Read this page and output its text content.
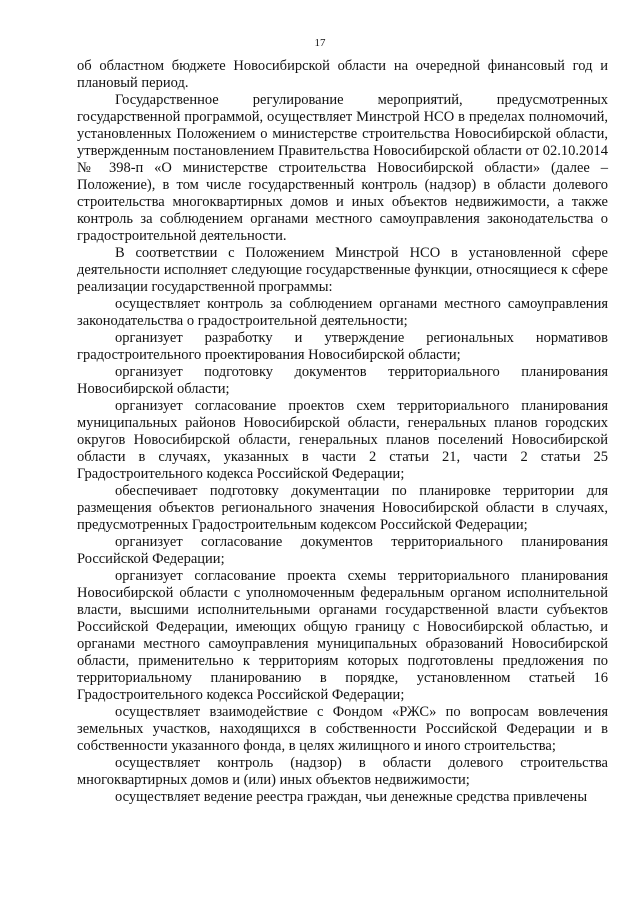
17

об областном бюджете Новосибирской области на очередной финансовый год и плановый период.

Государственное регулирование мероприятий, предусмотренных государственной программой, осуществляет Минстрой НСО в пределах полномочий, установленных Положением о министерстве строительства Новосибирской области, утвержденным постановлением Правительства Новосибирской области от 02.10.2014 № 398-п «О министерстве строительства Новосибирской области» (далее – Положение), в том числе государственный контроль (надзор) в области долевого строительства многоквартирных домов и иных объектов недвижимости, а также контроль за соблюдением органами местного самоуправления законодательства о градостроительной деятельности.

В соответствии с Положением Минстрой НСО в установленной сфере деятельности исполняет следующие государственные функции, относящиеся к сфере реализации государственной программы:

осуществляет контроль за соблюдением органами местного самоуправления законодательства о градостроительной деятельности;

организует разработку и утверждение региональных нормативов градостроительного проектирования Новосибирской области;

организует подготовку документов территориального планирования Новосибирской области;

организует согласование проектов схем территориального планирования муниципальных районов Новосибирской области, генеральных планов городских округов Новосибирской области, генеральных планов поселений Новосибирской области в случаях, указанных в части 2 статьи 21, части 2 статьи 25 Градостроительного кодекса Российской Федерации;

обеспечивает подготовку документации по планировке территории для размещения объектов регионального значения Новосибирской области в случаях, предусмотренных Градостроительным кодексом Российской Федерации;

организует согласование документов территориального планирования Российской Федерации;

организует согласование проекта схемы территориального планирования Новосибирской области с уполномоченным федеральным органом исполнительной власти, высшими исполнительными органами государственной власти субъектов Российской Федерации, имеющих общую границу с Новосибирской областью, и органами местного самоуправления муниципальных образований Новосибирской области, применительно к территориям которых подготовлены предложения по территориальному планированию в порядке, установленном статьей 16 Градостроительного кодекса Российской Федерации;

осуществляет взаимодействие с Фондом «РЖС» по вопросам вовлечения земельных участков, находящихся в собственности Российской Федерации и в собственности указанного фонда, в целях жилищного и иного строительства;

осуществляет контроль (надзор) в области долевого строительства многоквартирных домов и (или) иных объектов недвижимости;

осуществляет ведение реестра граждан, чьи денежные средства привлечены
